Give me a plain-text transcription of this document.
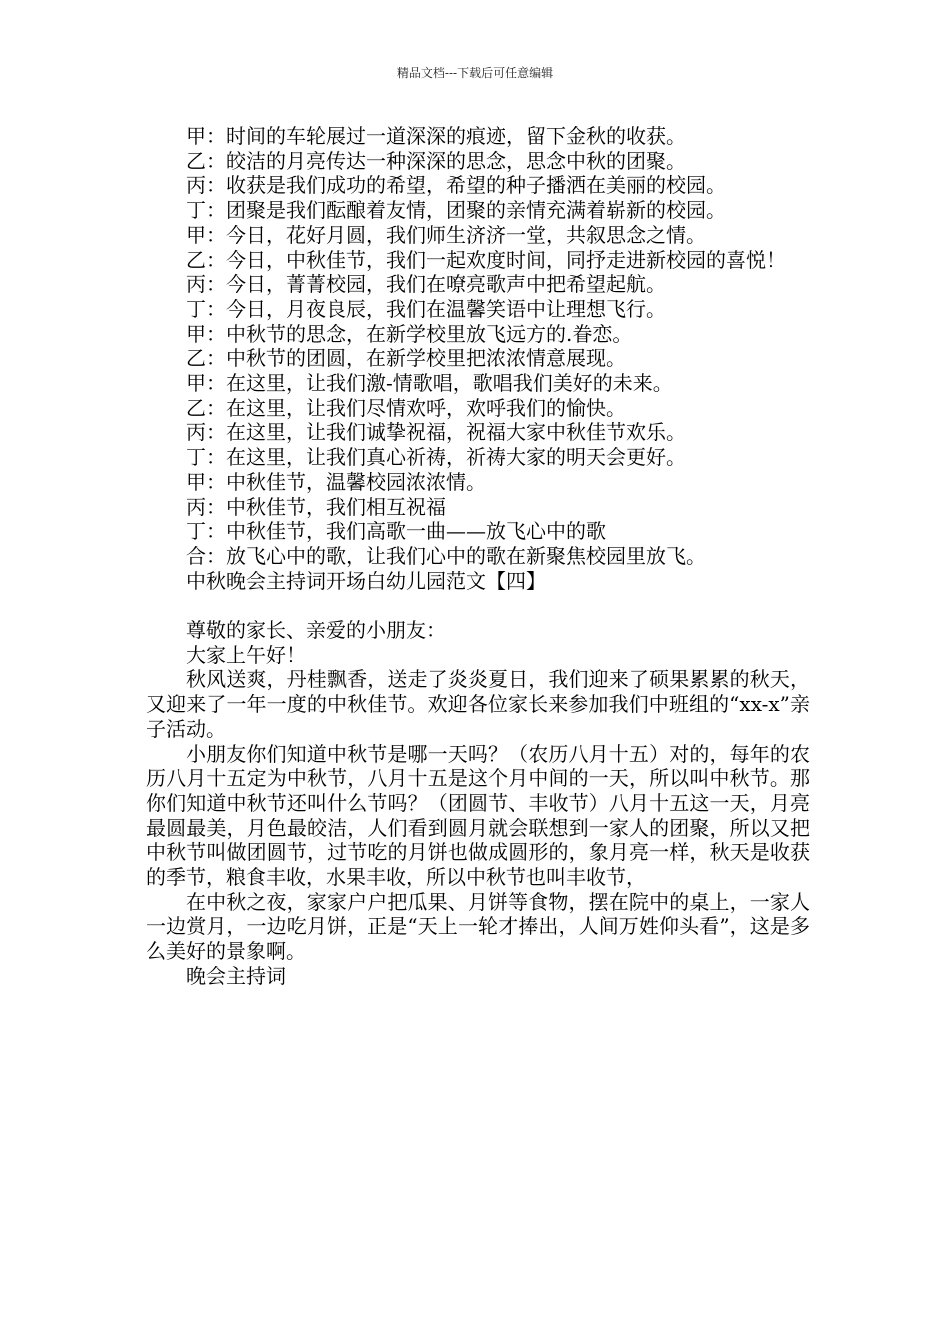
精品文档---下载后可任意编辑

甲：时间的车轮展过一道深深的痕迹，留下金秋的收获。

乙：皎洁的月亮传达一种深深的思念，思念中秋的团聚。

丙：收获是我们成功的希望，希望的种子播洒在美丽的校园。

丁：团聚是我们酝酿着友情，团聚的亲情充满着崭新的校园。

甲：今日，花好月圆，我们师生济济一堂，共叙思念之情。

乙：今日，中秋佳节，我们一起欢度时间，同抒走进新校园的喜悦！

丙：今日，菁菁校园，我们在嘹亮歌声中把希望起航。

丁：今日，月夜良辰，我们在温馨笑语中让理想飞行。

甲：中秋节的思念，在新学校里放飞远方的.眷恋。

乙：中秋节的团圆，在新学校里把浓浓情意展现。

甲：在这里，让我们激-情歌唱，歌唱我们美好的未来。

乙：在这里，让我们尽情欢呼，欢呼我们的愉快。

丙：在这里，让我们诚挚祝福，祝福大家中秋佳节欢乐。

丁：在这里，让我们真心祈祷，祈祷大家的明天会更好。

甲：中秋佳节，温馨校园浓浓情。

丙：中秋佳节，我们相互祝福

丁：中秋佳节，我们高歌一曲——放飞心中的歌

合：放飞心中的歌，让我们心中的歌在新聚焦校园里放飞。

中秋晚会主持词开场白幼儿园范文【四】

尊敬的家长、亲爱的小朋友：

大家上午好！

秋风送爽，丹桂飘香，送走了炎炎夏日，我们迎来了硕果累累的秋天，又迎来了一年一度的中秋佳节。欢迎各位家长来参加我们中班组的“xx-x”亲子活动。

小朋友你们知道中秋节是哪一天吗？（农历八月十五）对的，每年的农历八月十五定为中秋节，八月十五是这个月中间的一天，所以叫中秋节。那你们知道中秋节还叫什么节吗？（团圆节、丰收节）八月十五这一天，月亮最圆最美，月色最皎洁，人们看到圆月就会联想到一家人的团聚，所以又把中秋节叫做团圆节，过节吃的月饼也做成圆形的，象月亮一样，秋天是收获的季节，粮食丰收，水果丰收，所以中秋节也叫丰收节，

在中秋之夜，家家户户把瓜果、月饼等食物，摆在院中的桌上，一家人一边赏月，一边吃月饼，正是“天上一轮才捧出，人间万姓仰头看”，这是多么美好的景象啊。

晚会主持词
